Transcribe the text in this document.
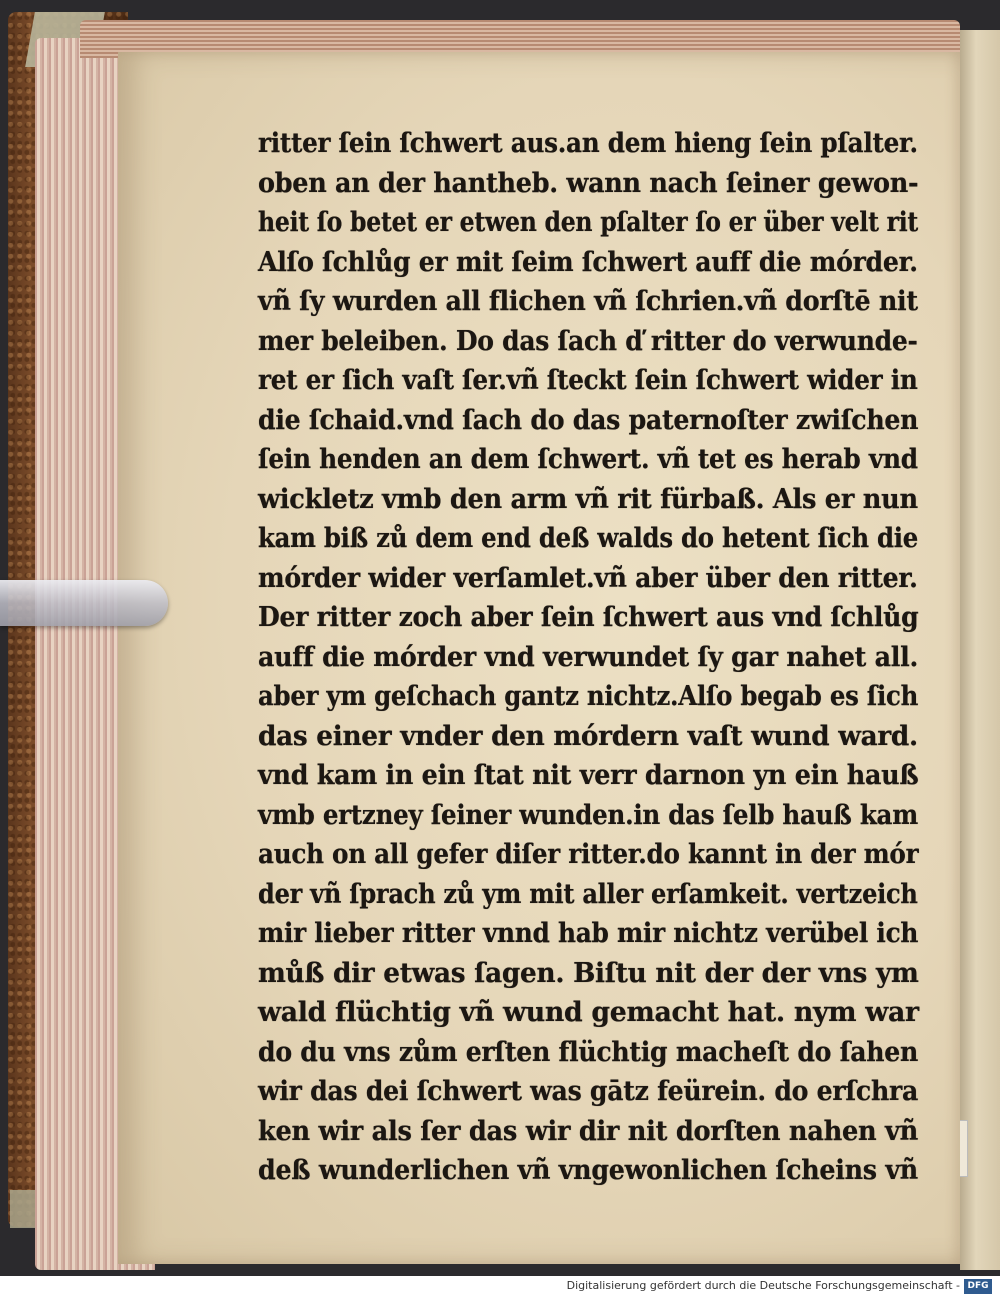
ritter ſein ſchwert aus.an dem hieng ſein pſalter.
oben an der hantheb. wann nach ſeiner gewon-
heit ſo betet er etwen den pſalter ſo er über velt rit
Alſo ſchlůg er mit ſeim ſchwert auff die mórder.
vñ ſy wurden all flichen vñ ſchrien.vñ dorſtē nit
mer beleiben. Do das ſach ď ritter do verwunde-
ret er ſich vaſt ſer.vñ ſteckt ſein ſchwert wider in
die ſchaid.vnd ſach do das paternoſter zwiſchen
ſein henden an dem ſchwert. vñ tet es herab vnd
wickletz vmb den arm vñ rit fürbaß. Als er nun
kam biß zů dem end deß walds do hetent ſich die
mórder wider verſamlet.vñ aber über den ritter.
Der ritter zoch aber ſein ſchwert aus vnd ſchlůg
auff die mórder vnd verwundet ſy gar nahet all.
aber ym geſchach gantz nichtz.Alſo begab es ſich
das einer vnder den mórdern vaſt wund ward.
vnd kam in ein ſtat nit verr darnon yn ein hauß
vmb ertzney ſeiner wunden.in das ſelb hauß kam
auch on all gefer diſer ritter.do kannt in der mór
der vñ ſprach zů ym mit aller erſamkeit. vertzeich
mir lieber ritter vnnd hab mir nichtz verübel ich
můß dir etwas ſagen. Biſtu nit der der vns ym
wald flüchtig vñ wund gemacht hat. nym war
do du vns zům erſten flüchtig macheſt do ſahen
wir das dei ſchwert was gātz feürein. do erſchra
ken wir als ſer das wir dir nit dorſten nahen vñ
deß wunderlichen vñ vngewonlichen ſcheins vñ
Digitalisierung gefördert durch die Deutsche Forschungsgemeinschaft - DFG
